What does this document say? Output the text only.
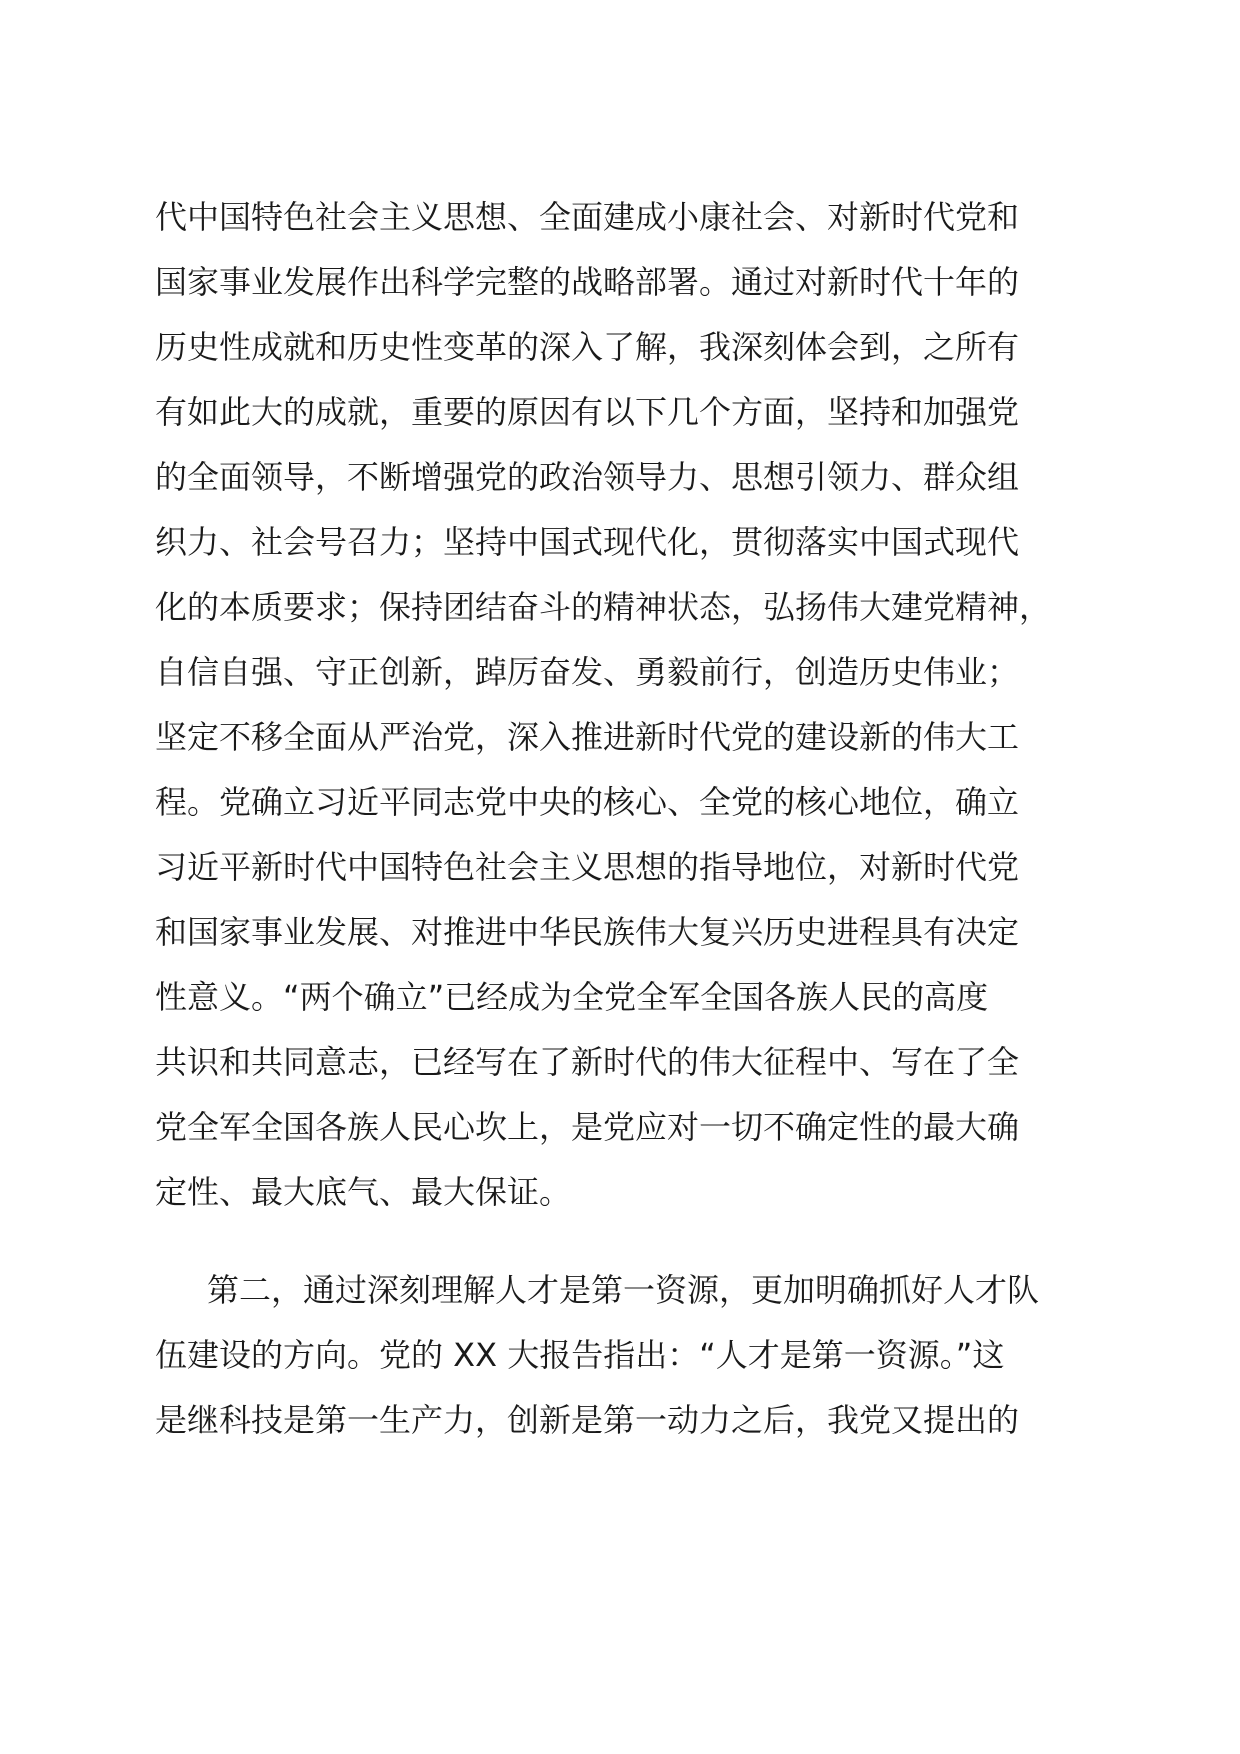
代中国特色社会主义思想、全面建成小康社会、对新时代党和
国家事业发展作出科学完整的战略部署。通过对新时代十年的
历史性成就和历史性变革的深入了解，我深刻体会到，之所有
有如此大的成就，重要的原因有以下几个方面，坚持和加强党
的全面领导，不断增强党的政治领导力、思想引领力、群众组
织力、社会号召力；坚持中国式现代化，贯彻落实中国式现代
化的本质要求；保持团结奋斗的精神状态，弘扬伟大建党精神，
自信自强、守正创新，踔厉奋发、勇毅前行，创造历史伟业；
坚定不移全面从严治党，深入推进新时代党的建设新的伟大工
程。党确立习近平同志党中央的核心、全党的核心地位，确立
习近平新时代中国特色社会主义思想的指导地位，对新时代党
和国家事业发展、对推进中华民族伟大复兴历史进程具有决定
性意义。“两个确立”已经成为全党全军全国各族人民的高度
共识和共同意志，已经写在了新时代的伟大征程中、写在了全
党全军全国各族人民心坎上，是党应对一切不确定性的最大确
定性、最大底气、最大保证。
第二，通过深刻理解人才是第一资源，更加明确抓好人才队
伍建设的方向。党的 XX 大报告指出：“人才是第一资源。”这
是继科技是第一生产力，创新是第一动力之后，我党又提出的
